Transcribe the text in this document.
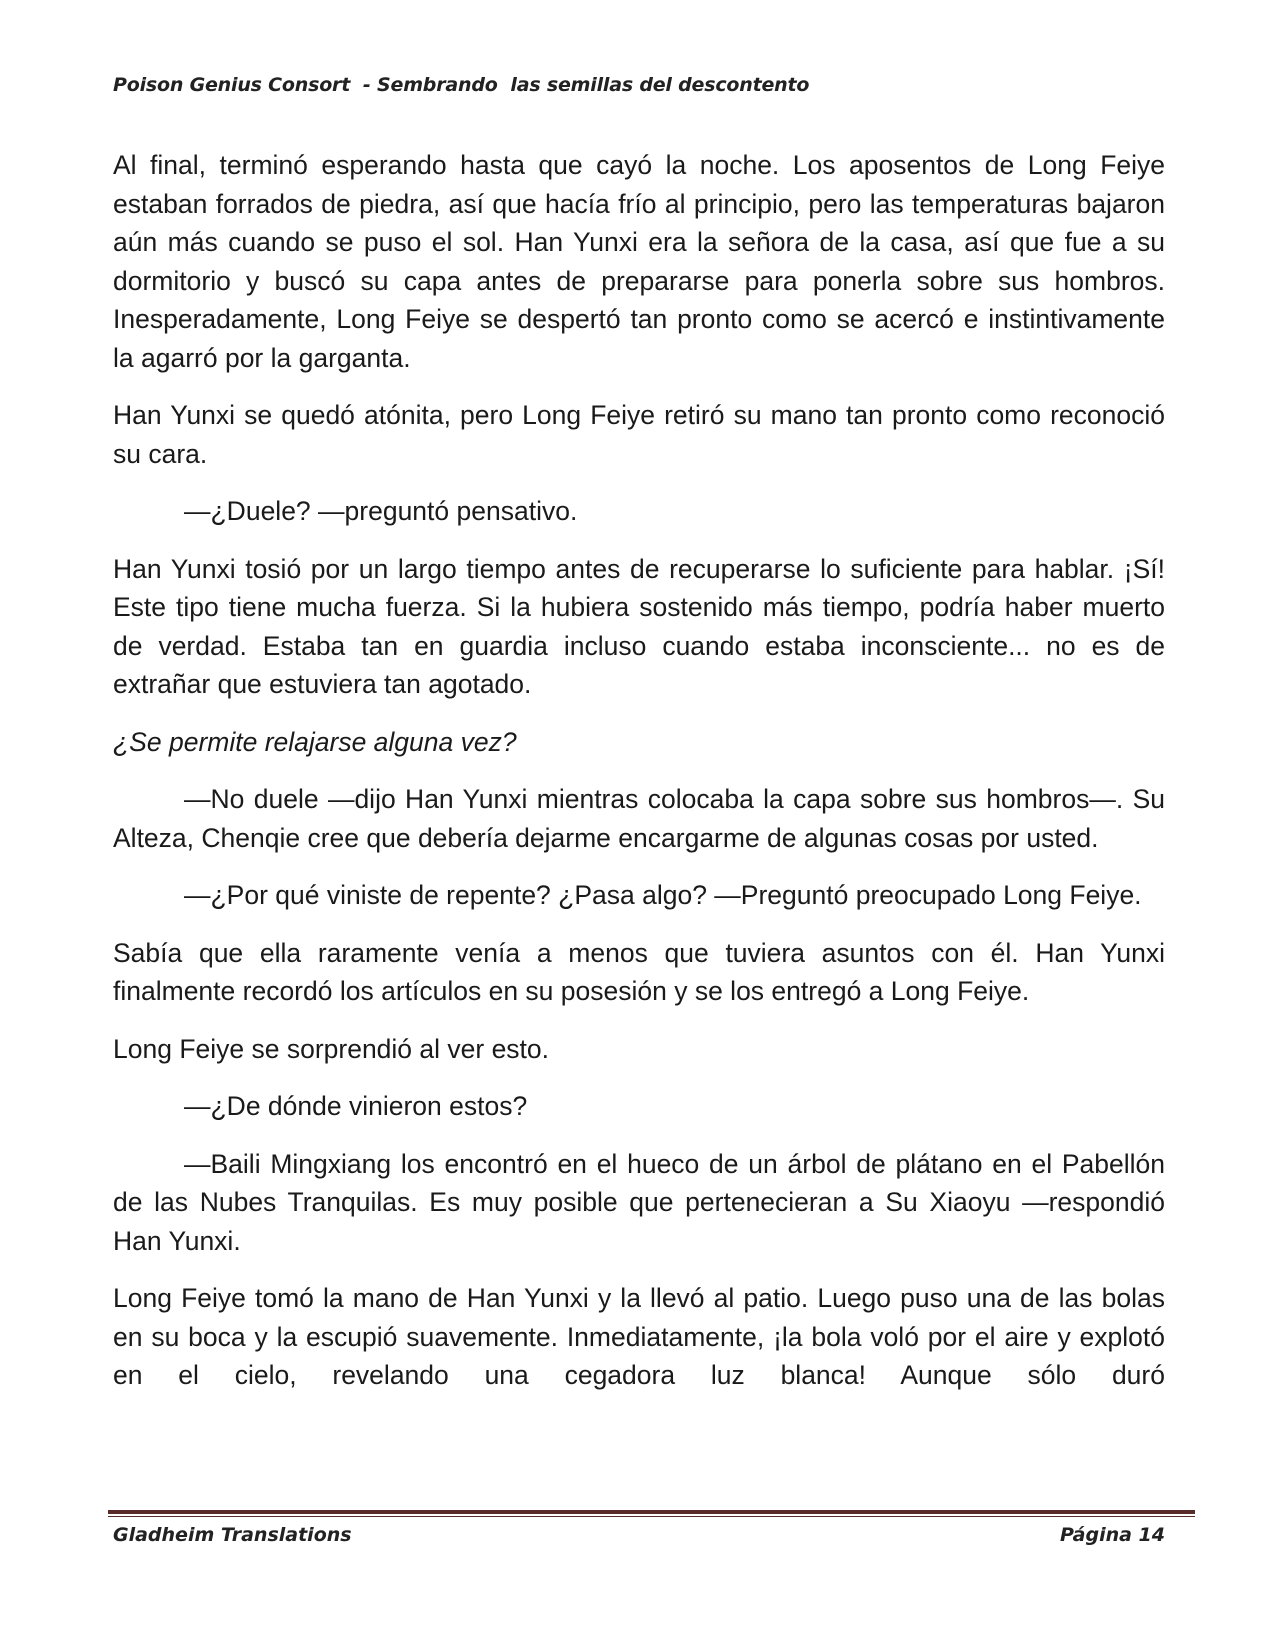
Poison Genius Consort  - Sembrando  las semillas del descontento

Al final, terminó esperando hasta que cayó la noche. Los aposentos de Long Feiye estaban forrados de piedra, así que hacía frío al principio, pero las temperaturas bajaron aún más cuando se puso el sol. Han Yunxi era la señora de la casa, así que fue a su dormitorio y buscó su capa antes de prepararse para ponerla sobre sus hombros. Inesperadamente, Long Feiye se despertó tan pronto como se acercó e instintivamente la agarró por la garganta.

Han Yunxi se quedó atónita, pero Long Feiye retiró su mano tan pronto como reconoció su cara.

—¿Duele? —preguntó pensativo.

Han Yunxi tosió por un largo tiempo antes de recuperarse lo suficiente para hablar. ¡Sí! Este tipo tiene mucha fuerza. Si la hubiera sostenido más tiempo, podría haber muerto de verdad. Estaba tan en guardia incluso cuando estaba inconsciente... no es de extrañar que estuviera tan agotado.

¿Se permite relajarse alguna vez?

—No duele —dijo Han Yunxi mientras colocaba la capa sobre sus hombros—. Su Alteza, Chenqie cree que debería dejarme encargarme de algunas cosas por usted.

—¿Por qué viniste de repente? ¿Pasa algo? —Preguntó preocupado Long Feiye.

Sabía que ella raramente venía a menos que tuviera asuntos con él. Han Yunxi finalmente recordó los artículos en su posesión y se los entregó a Long Feiye.

Long Feiye se sorprendió al ver esto.

—¿De dónde vinieron estos?

—Baili Mingxiang los encontró en el hueco de un árbol de plátano en el Pabellón de las Nubes Tranquilas. Es muy posible que pertenecieran a Su Xiaoyu —respondió Han Yunxi.

Long Feiye tomó la mano de Han Yunxi y la llevó al patio. Luego puso una de las bolas en su boca y la escupió suavemente. Inmediatamente, ¡la bola voló por el aire y explotó en el cielo, revelando una cegadora luz blanca! Aunque sólo duró

Gladheim Translations	Página 14
